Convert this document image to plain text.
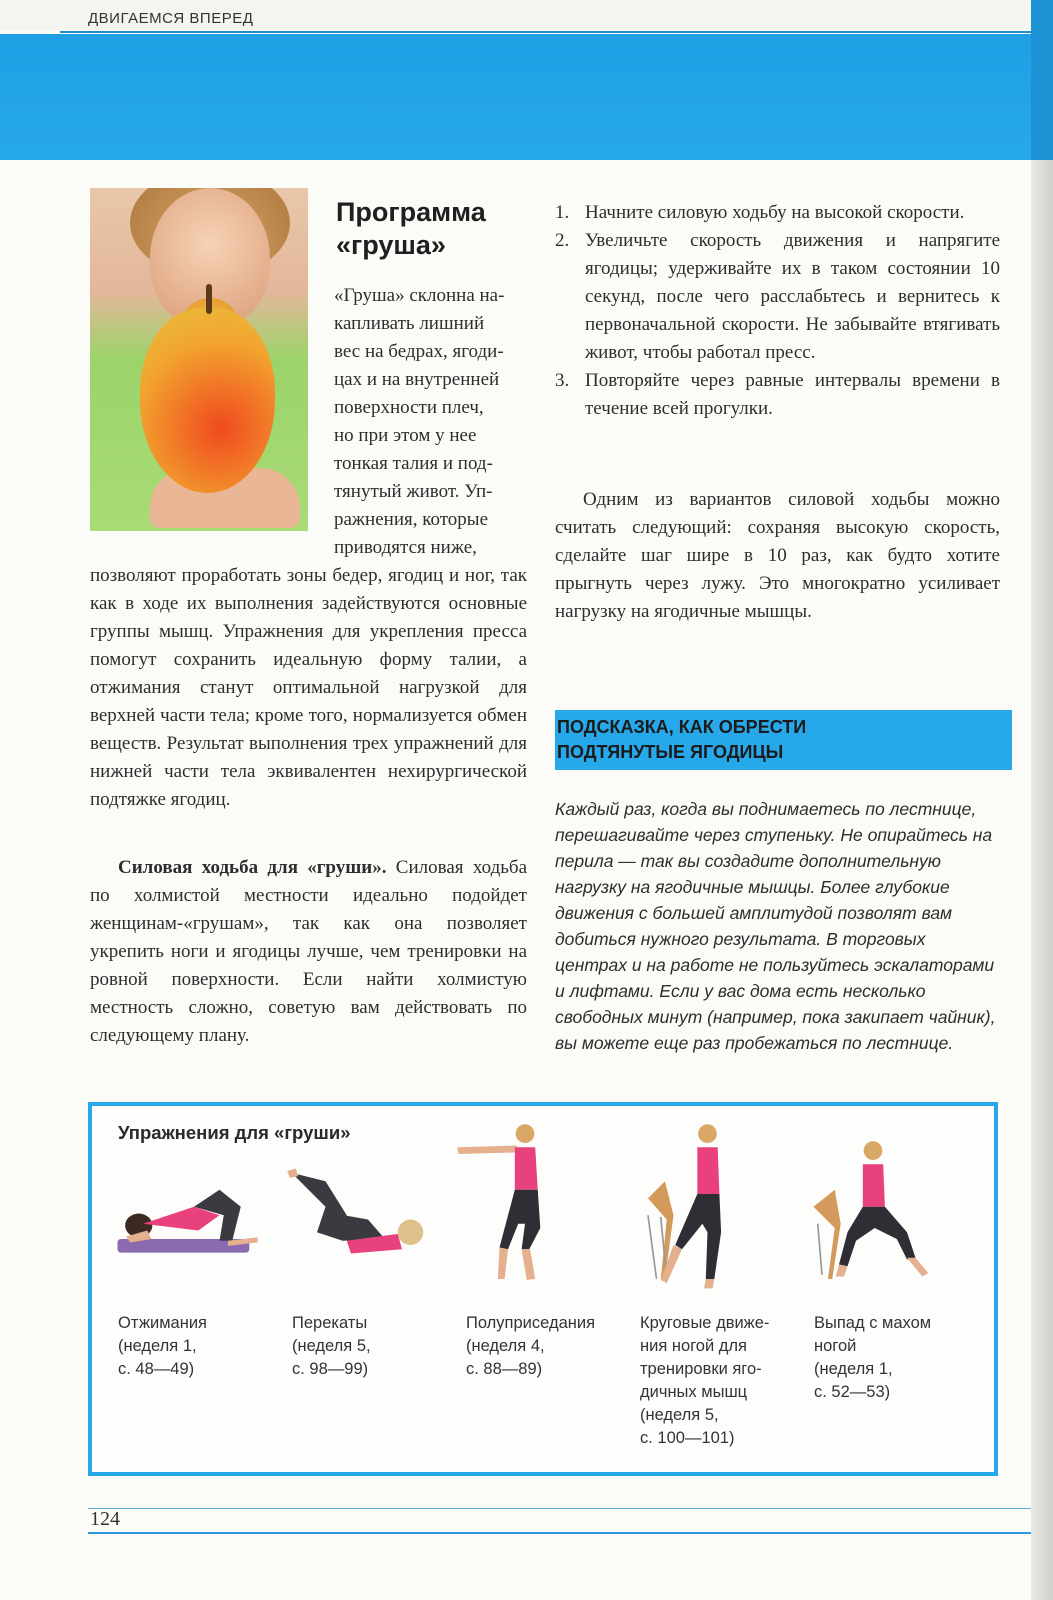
ДВИГАЕМСЯ ВПЕРЕД
Программа
«груша»

«Груша» склонна на-
капливать лишний
вес на бедрах, ягоди-
цах и на внутренней
поверхности плеч,
но при этом у нее
тонкая талия и под-
тянутый живот. Уп-
ражнения, которые
приводятся ниже,

позволяют проработать зоны бедер, ягодиц и ног, так как в ходе их выполнения задействуются основные группы мышц. Упражнения для укрепления пресса помогут сохранить идеальную форму талии, а отжимания станут оптимальной нагрузкой для верхней части тела; кроме того, нормализуется обмен веществ. Результат выполнения трех упражнений для нижней части тела эквивалентен нехирургической подтяжке ягодиц.

Силовая ходьба для «груши». Силовая ходьба по холмистой местности идеально подойдет женщинам-«грушам», так как она позволяет укрепить ноги и ягодицы лучше, чем тренировки на ровной поверхности. Если найти холмистую местность сложно, советую вам действовать по следующему плану.

1. Начните силовую ходьбу на высокой скорости.

2. Увеличьте скорость движения и напрягите ягодицы; удерживайте их в таком состоянии 10 секунд, после чего расслабьтесь и вернитесь к первоначальной скорости. Не забывайте втягивать живот, чтобы работал пресс.

3. Повторяйте через равные интервалы времени в течение всей прогулки.

Одним из вариантов силовой ходьбы можно считать следующий: сохраняя высокую скорость, сделайте шаг шире в 10 раз, как будто хотите прыгнуть через лужу. Это многократно усиливает нагрузку на ягодичные мышцы.

ПОДСКАЗКА, КАК ОБРЕСТИ
ПОДТЯНУТЫЕ ЯГОДИЦЫ

Каждый раз, когда вы поднимаетесь по лестнице, перешагивайте через ступеньку. Не опирайтесь на перила — так вы создадите дополнительную нагрузку на ягодичные мышцы. Более глубокие движения с большей амплитудой позволят вам добиться нужного результата. В торговых центрах и на работе не пользуйтесь эскалаторами и лифтами. Если у вас дома есть несколько свободных минут (например, пока закипает чайник), вы можете еще раз пробежаться по лестнице.

Упражнения для «груши»
Отжимания
(неделя 1,
с. 48—49)
Перекаты
(неделя 5,
с. 98—99)
Полуприседания
(неделя 4,
с. 88—89)
Круговые движе-
ния ногой для
тренировки яго-
дичных мышц
(неделя 5,
с. 100—101)
Выпад с махом
ногой
(неделя 1,
с. 52—53)
124
